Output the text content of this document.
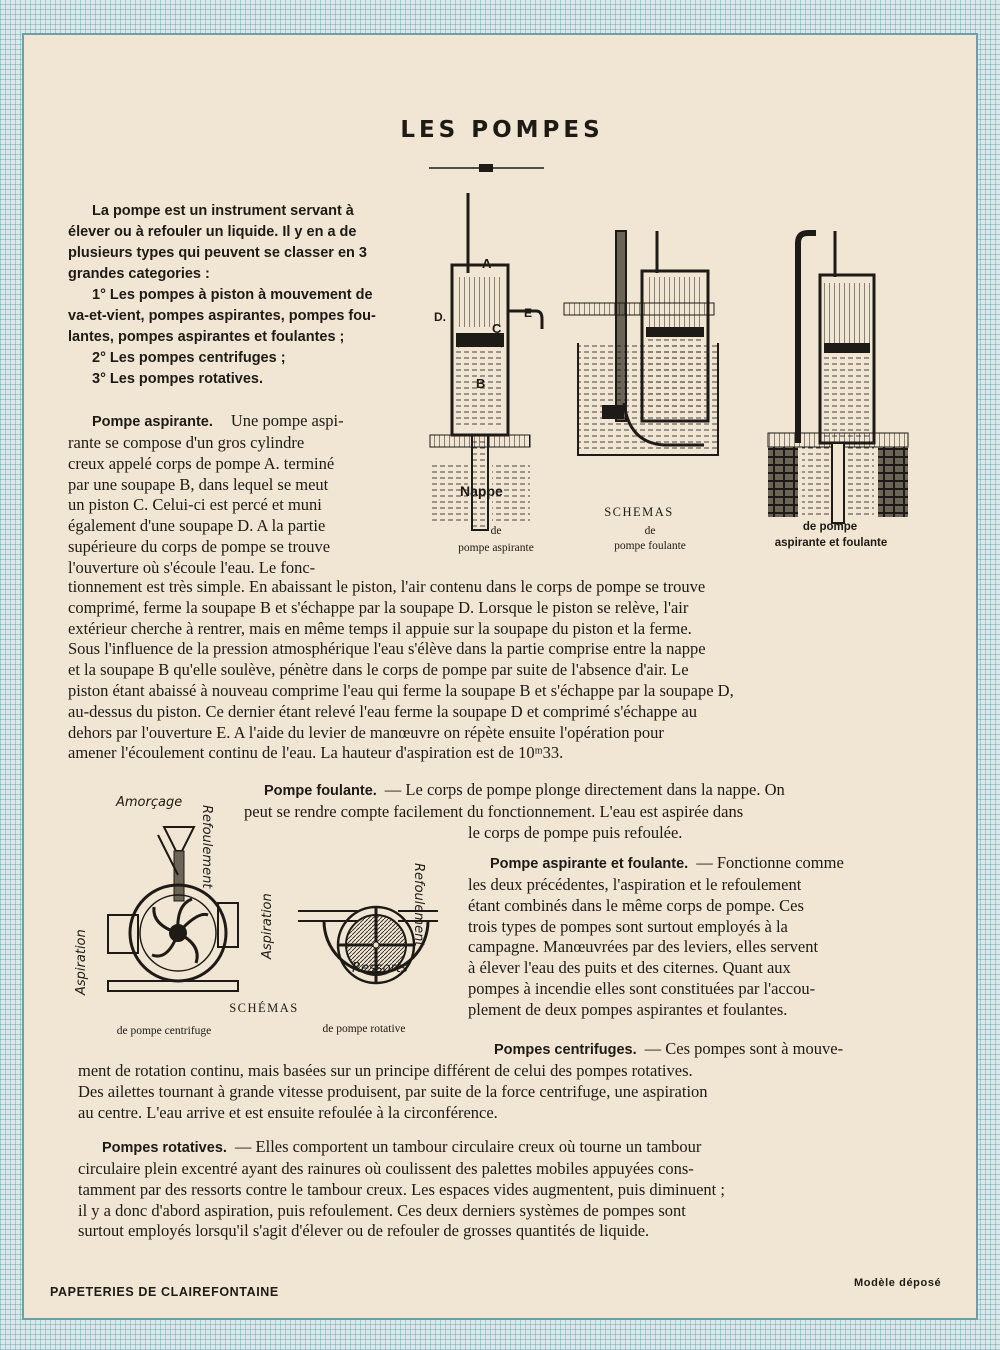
LES POMPES
La pompe est un instrument servant à
élever ou à refouler un liquide. Il y en a de
plusieurs types qui peuvent se classer en 3
grandes categories :
1° Les pompes à piston à mouvement de
va-et-vient, pompes aspirantes, pompes fou-
lantes, pompes aspirantes et foulantes ;
2° Les pompes centrifuges ;
3° Les pompes rotatives.
Pompe aspirante. Une pompe aspi-
rante se compose d'un gros cylindre
creux appelé corps de pompe A. terminé
par une soupape B, dans lequel se meut
un piston C. Celui-ci est percé et muni
également d'une soupape D. A la partie
supérieure du corps de pompe se trouve
l'ouverture où s'écoule l'eau. Le fonc-
tionnement est très simple. En abaissant le piston, l'air contenu dans le corps de pompe se trouve
comprimé, ferme la soupape B et s'échappe par la soupape D. Lorsque le piston se relève, l'air
extérieur cherche à rentrer, mais en même temps il appuie sur la soupape du piston et la ferme.
Sous l'influence de la pression atmosphérique l'eau s'élève dans la partie comprise entre la nappe
et la soupape B qu'elle soulève, pénètre dans le corps de pompe par suite de l'absence d'air. Le
piston étant abaissé à nouveau comprime l'eau qui ferme la soupape B et s'échappe par la soupape D,
au-dessus du piston. Ce dernier étant relevé l'eau ferme la soupape D et comprimé s'échappe au
dehors par l'ouverture E. A l'aide du levier de manœuvre on répète ensuite l'opération pour
amener l'écoulement continu de l'eau. La hauteur d'aspiration est de 10ᵐ33.
A
C
B
D.	E
Nappe
SCHEMAS
de
pompe aspirante
de
pompe foulante
de pompe
aspirante et foulante
Pompe foulante. — Le corps de pompe plonge directement dans la nappe. On
peut se rendre compte facilement du fonctionnement. L'eau est aspirée dans
le corps de pompe puis refoulée.
Pompe aspirante et foulante. — Fonctionne comme
les deux précédentes, l'aspiration et le refoulement
étant combinés dans le même corps de pompe. Ces
trois types de pompes sont surtout employés à la
campagne. Manœuvrées par des leviers, elles servent
à élever l'eau des puits et des citernes. Quant aux
pompes à incendie elles sont constituées par l'accou-
plement de deux pompes aspirantes et foulantes.
Amorçage
Refoulement
Aspiration
Aspiration	Refoulement
Ressorts
SCHÉMAS
de pompe centrifuge	de pompe rotative
Pompes centrifuges. — Ces pompes sont à mouve-
ment de rotation continu, mais basées sur un principe différent de celui des pompes rotatives.
Des ailettes tournant à grande vitesse produisent, par suite de la force centrifuge, une aspiration
au centre. L'eau arrive et est ensuite refoulée à la circonférence.
Pompes rotatives. — Elles comportent un tambour circulaire creux où tourne un tambour
circulaire plein excentré ayant des rainures où coulissent des palettes mobiles appuyées cons-
tamment par des ressorts contre le tambour creux. Les espaces vides augmentent, puis diminuent ;
il y a donc d'abord aspiration, puis refoulement. Ces deux derniers systèmes de pompes sont
surtout employés lorsqu'il s'agit d'élever ou de refouler de grosses quantités de liquide.
PAPETERIES DE CLAIREFONTAINE
Modèle déposé
